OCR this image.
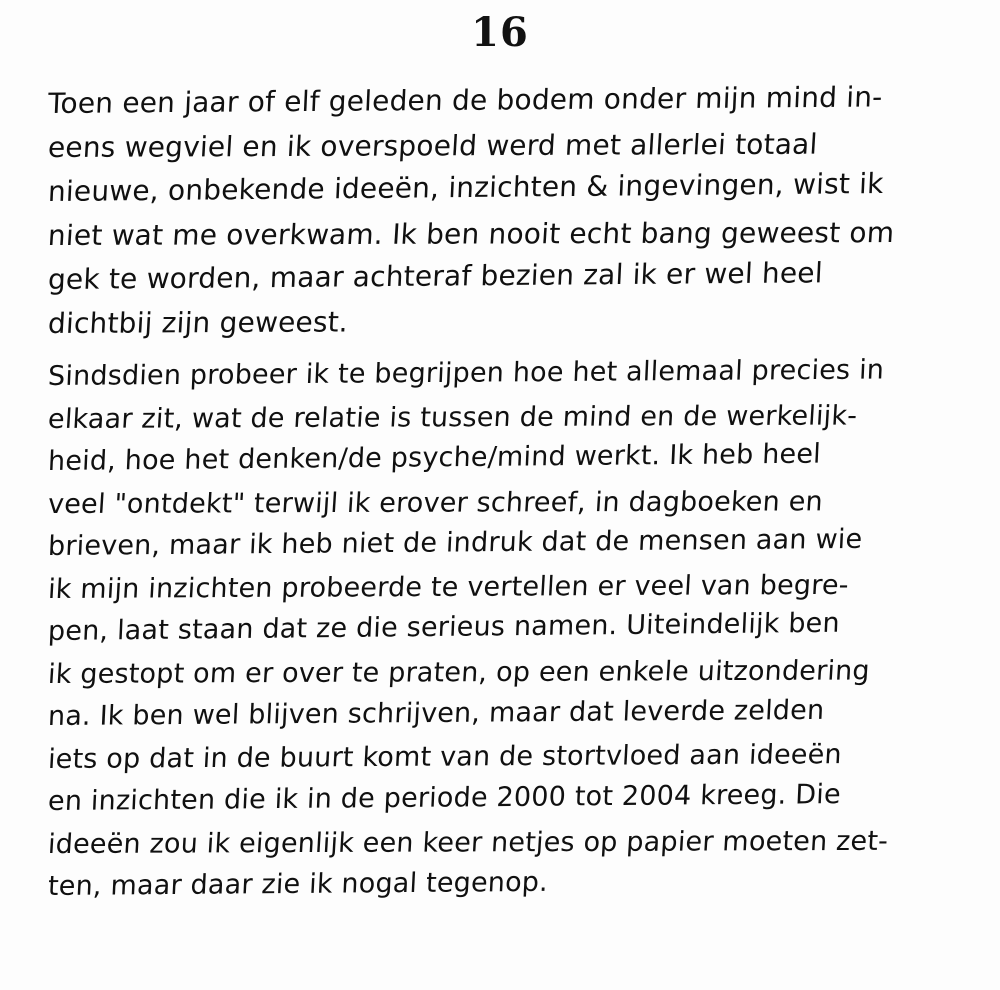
16
Toen een jaar of elf geleden de bodem onder mijn mind in-
eens wegviel en ik overspoeld werd met allerlei totaal
nieuwe, onbekende ideeën, inzichten & ingevingen, wist ik
niet wat me overkwam. Ik ben nooit echt bang geweest om
gek te worden, maar achteraf bezien zal ik er wel heel
dichtbij zijn geweest.
Sindsdien probeer ik te begrijpen hoe het allemaal precies in
elkaar zit, wat de relatie is tussen de mind en de werkelijk-
heid, hoe het denken/de psyche/mind werkt. Ik heb heel
veel "ontdekt" terwijl ik erover schreef, in dagboeken en
brieven, maar ik heb niet de indruk dat de mensen aan wie
ik mijn inzichten probeerde te vertellen er veel van begre-
pen, laat staan dat ze die serieus namen. Uiteindelijk ben
ik gestopt om er over te praten, op een enkele uitzondering
na. Ik ben wel blijven schrijven, maar dat leverde zelden
iets op dat in de buurt komt van de stortvloed aan ideeën
en inzichten die ik in de periode 2000 tot 2004 kreeg. Die
ideeën zou ik eigenlijk een keer netjes op papier moeten zet-
ten, maar daar zie ik nogal tegenop.
